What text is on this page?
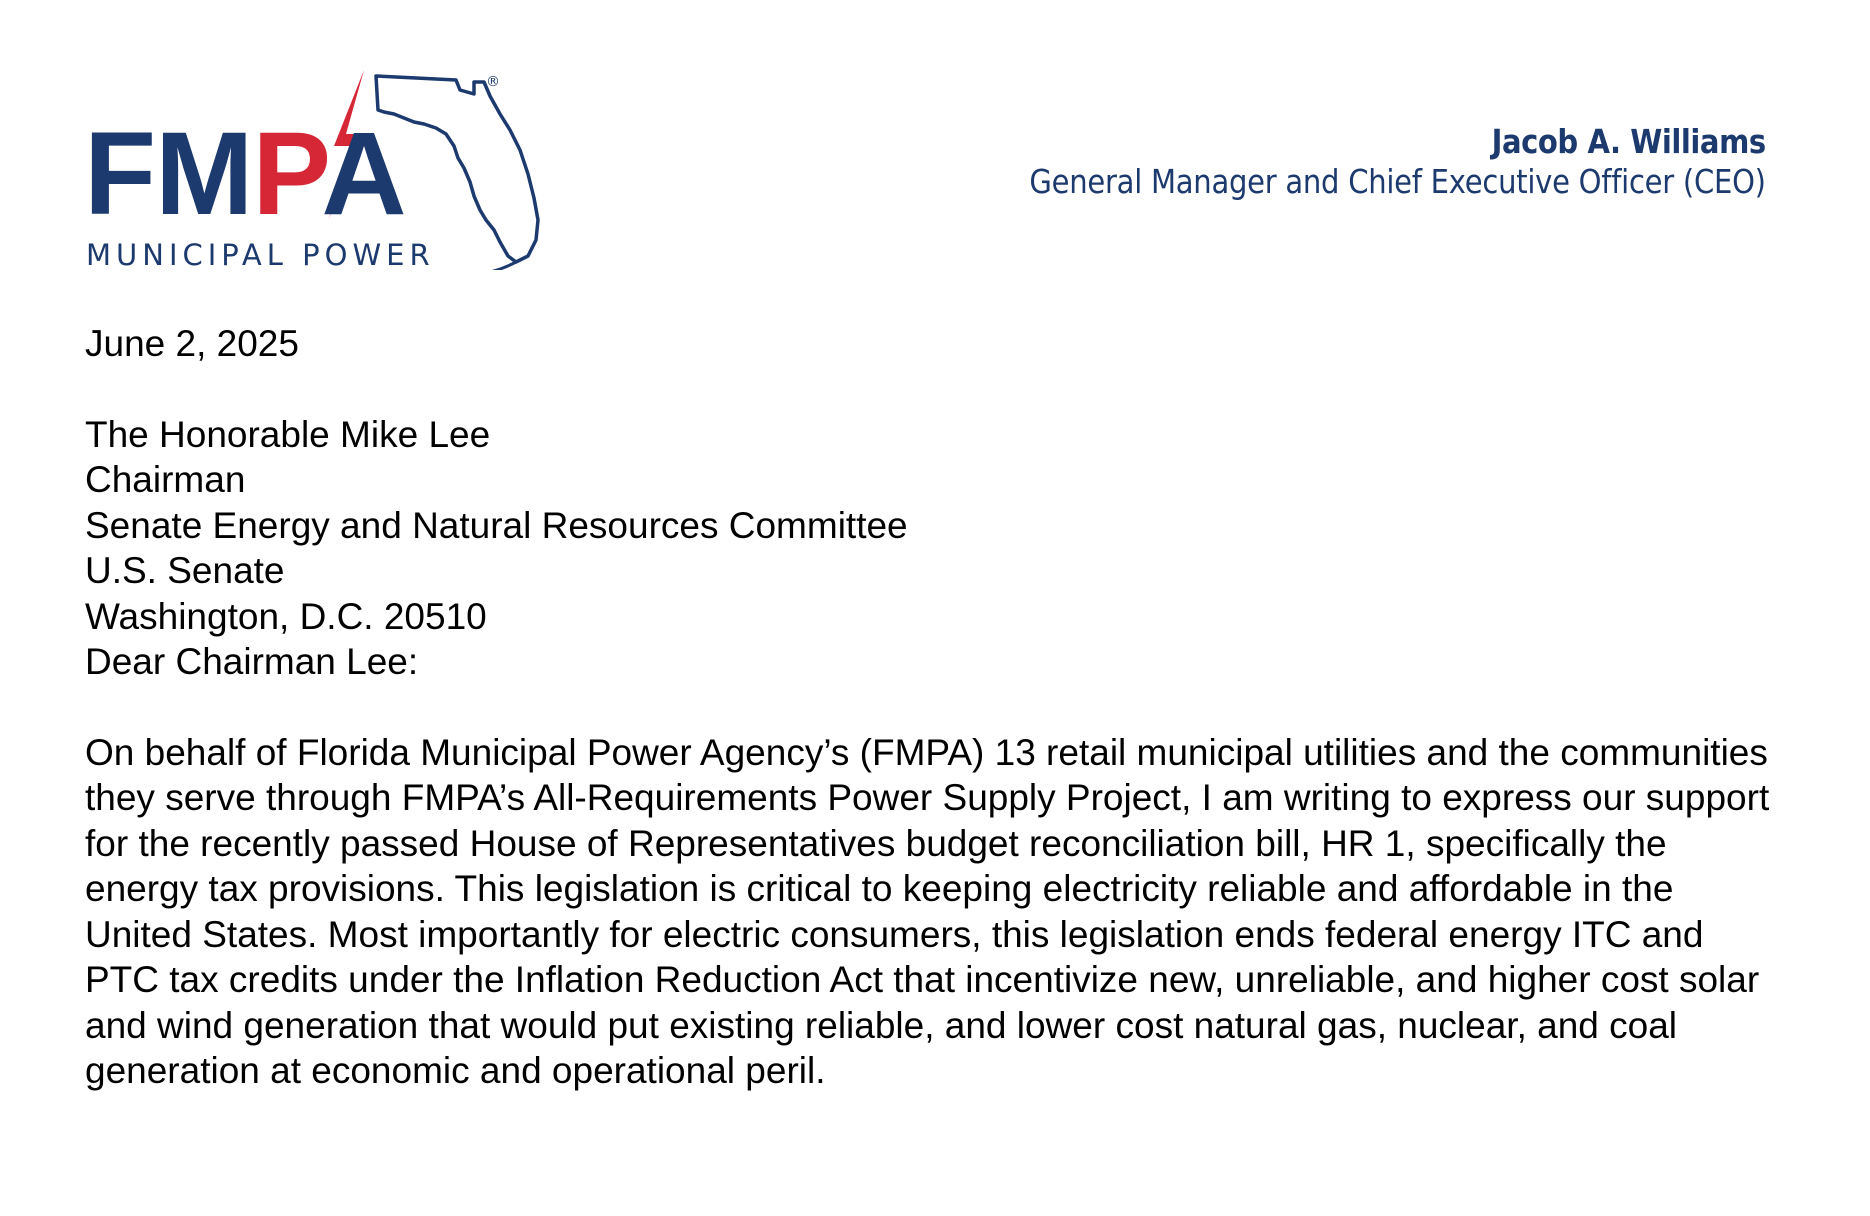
®
FMPA
MUNICIPAL POWER
Jacob A. Williams
General Manager and Chief Executive Officer (CEO)

June 2, 2025

The Honorable Mike Lee
Chairman
Senate Energy and Natural Resources Committee
U.S. Senate
Washington, D.C. 20510

Dear Chairman Lee:

On behalf of Florida Municipal Power Agency’s (FMPA) 13 retail municipal utilities and the communities they serve through FMPA’s All-Requirements Power Supply Project, I am writing to express our support for the recently passed House of Representatives budget reconciliation bill, HR 1, specifically the energy tax provisions. This legislation is critical to keeping electricity reliable and affordable in the United States. Most importantly for electric consumers, this legislation ends federal energy ITC and PTC tax credits under the Inflation Reduction Act that incentivize new, unreliable, and higher cost solar and wind generation that would put existing reliable, and lower cost natural gas, nuclear, and coal generation at economic and operational peril.
